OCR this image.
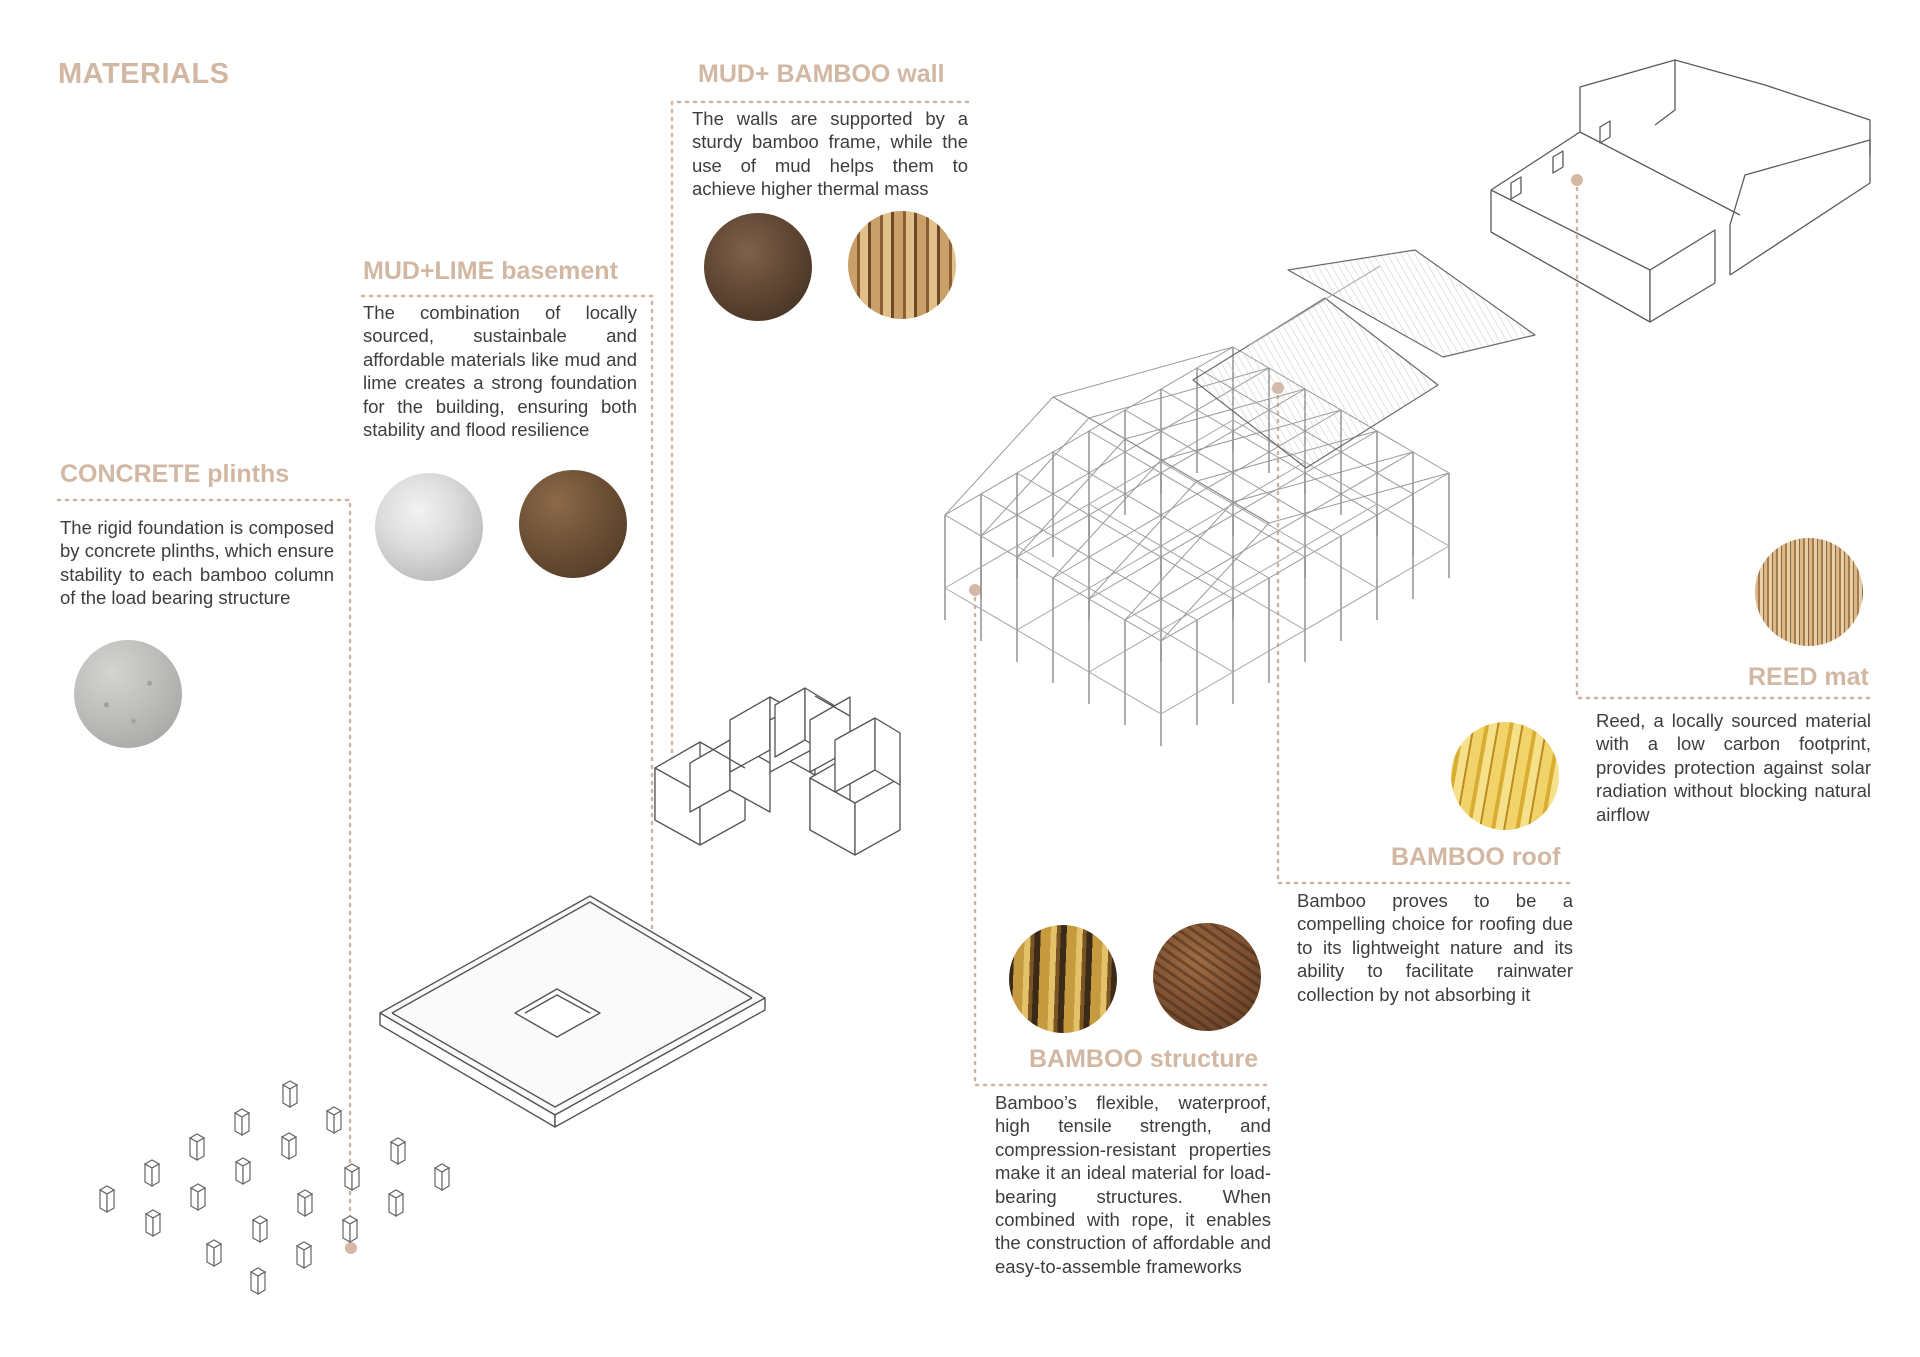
MATERIALS
CONCRETE plinths
The rigid foundation is composed by concrete plinths, which ensure stability to each bamboo column of the load bearing structure
MUD+LIME basement
The combination of locally sourced, sustainbale and affordable materials like mud and lime creates a strong foundation for the building, ensuring both stability and flood resilience
MUD+ BAMBOO wall
The walls are supported by a sturdy bamboo frame, while the use of mud helps them to achieve higher thermal mass
BAMBOO structure
Bamboo’s flexible, waterproof, high tensile strength, and compression-resistant properties make it an ideal material for load-bearing structures. When combined with rope, it enables the construction of affordable and easy-to-assemble frameworks
BAMBOO roof
Bamboo proves to be a compelling choice for roofing due to its lightweight nature and its ability to facilitate rainwater collection by not absorbing it
REED mat
Reed, a locally sourced material with a low carbon footprint, provides protection against solar radiation without blocking natural airflow
